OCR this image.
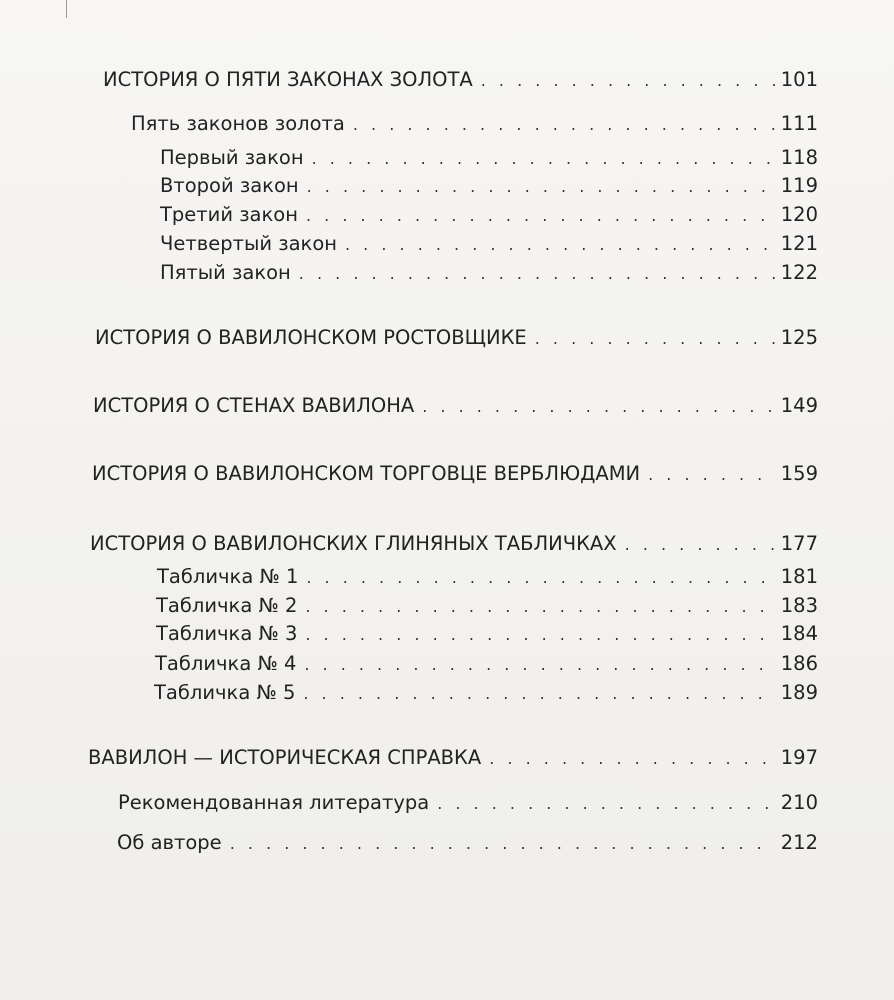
ИСТОРИЯ О ПЯТИ ЗАКОНАХ ЗОЛОТА . . .	101
Пять законов золота . . .	111
Первый закон . . .	118
Второй закон . . .	119
Третий закон . . .	120
Четвертый закон . . .	121
Пятый закон . . .	122
ИСТОРИЯ О ВАВИЛОНСКОМ РОСТОВЩИКЕ . . .	125
ИСТОРИЯ О СТЕНАХ ВАВИЛОНА . . .	149
ИСТОРИЯ О ВАВИЛОНСКОМ ТОРГОВЦЕ ВЕРБЛЮДАМИ . . .	159
ИСТОРИЯ О ВАВИЛОНСКИХ ГЛИНЯНЫХ ТАБЛИЧКАХ . . .	177
Табличка № 1 . . .	181
Табличка № 2 . . .	183
Табличка № 3 . . .	184
Табличка № 4 . . .	186
Табличка № 5 . . .	189
ВАВИЛОН — ИСТОРИЧЕСКАЯ СПРАВКА . . .	197
Рекомендованная литература . . .	210
Об авторе . . .	212
